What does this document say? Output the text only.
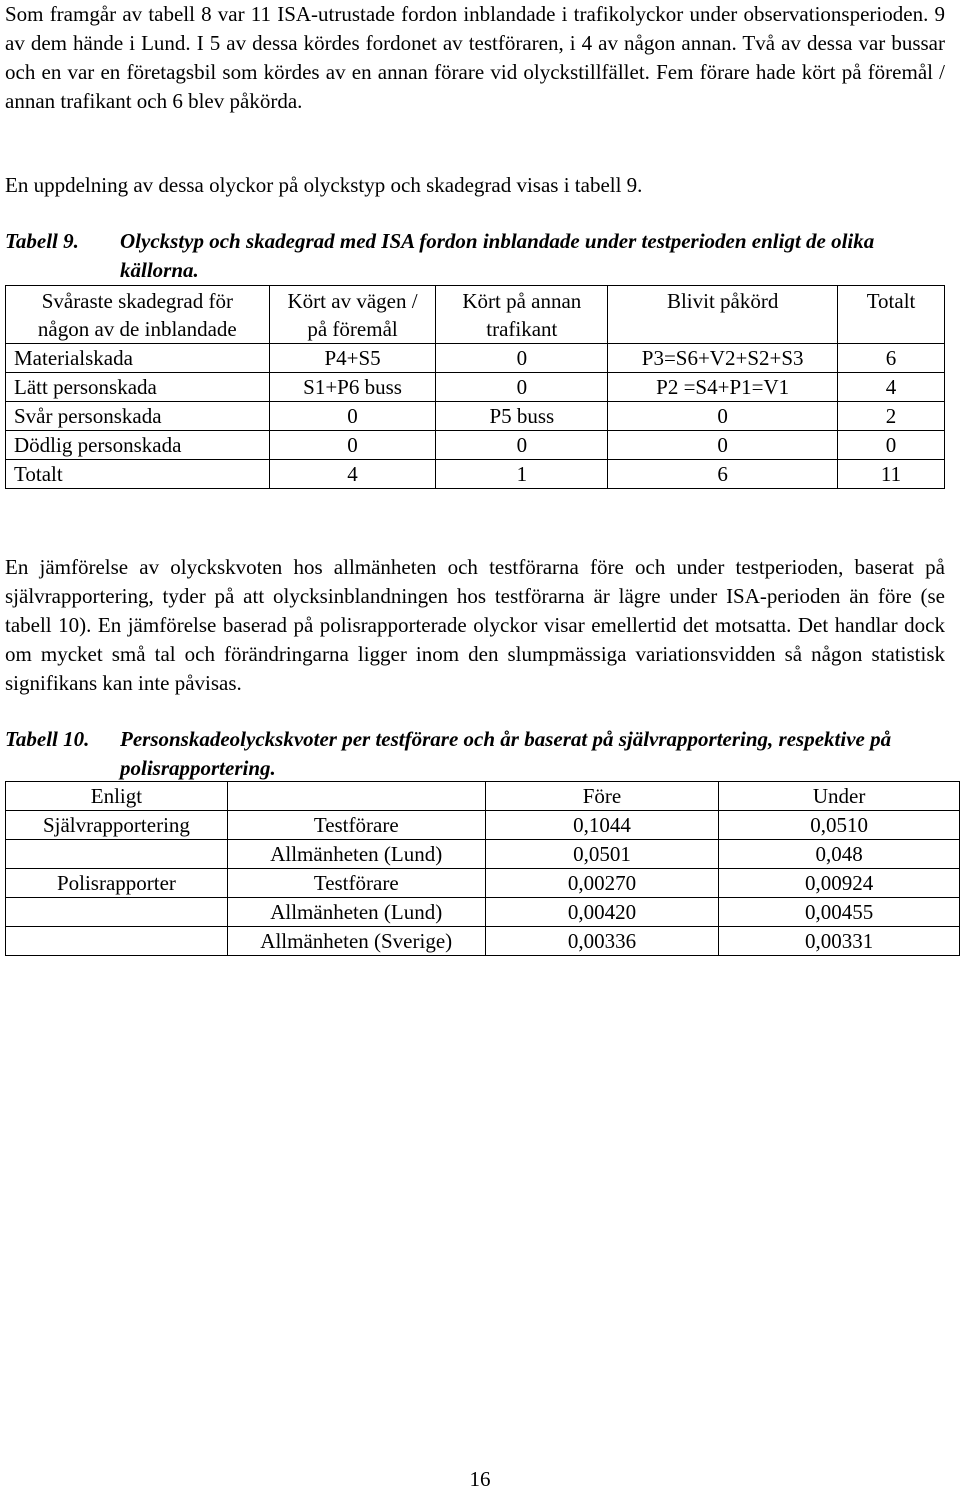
Som framgår av tabell 8 var 11 ISA-utrustade fordon inblandade i trafikolyckor under observationsperioden. 9 av dem hände i Lund. I 5 av dessa kördes fordonet av testföraren, i 4 av någon annan. Två av dessa var bussar och en var en företagsbil som kördes av en annan förare vid olyckstillfället. Fem förare hade kört på föremål / annan trafikant och 6 blev påkörda.

En uppdelning av dessa olyckor på olyckstyp och skadegrad visas i tabell 9.

Tabell 9. Olyckstyp och skadegrad med ISA fordon inblandade under testperioden enligt de olika källorna.
Svåraste skadegrad för någon av de inblandade	Kört av vägen / på föremål	Kört på annan trafikant	Blivit påkörd	Totalt
Materialskada	P4+S5	0	P3=S6+V2+S2+S3	6
Lätt personskada	S1+P6 buss	0	P2 =S4+P1=V1	4
Svår personskada	0	P5 buss	0	2
Dödlig personskada	0	0	0	0
Totalt	4	1	6	11

En jämförelse av olyckskvoten hos allmänheten och testförarna före och under testperioden, baserat på självrapportering, tyder på att olycksinblandningen hos testförarna är lägre under ISA-perioden än före (se tabell 10). En jämförelse baserad på polisrapporterade olyckor visar emellertid det motsatta. Det handlar dock om mycket små tal och förändringarna ligger inom den slumpmässiga variationsvidden så någon statistisk signifikans kan inte påvisas.

Tabell 10. Personskadeolyckskvoter per testförare och år baserat på självrapportering, respektive på polisrapportering.
Enligt		Före	Under
Självrapportering	Testförare	0,1044	0,0510
	Allmänheten (Lund)	0,0501	0,048
Polisrapporter	Testförare	0,00270	0,00924
	Allmänheten (Lund)	0,00420	0,00455
	Allmänheten (Sverige)	0,00336	0,00331
16
